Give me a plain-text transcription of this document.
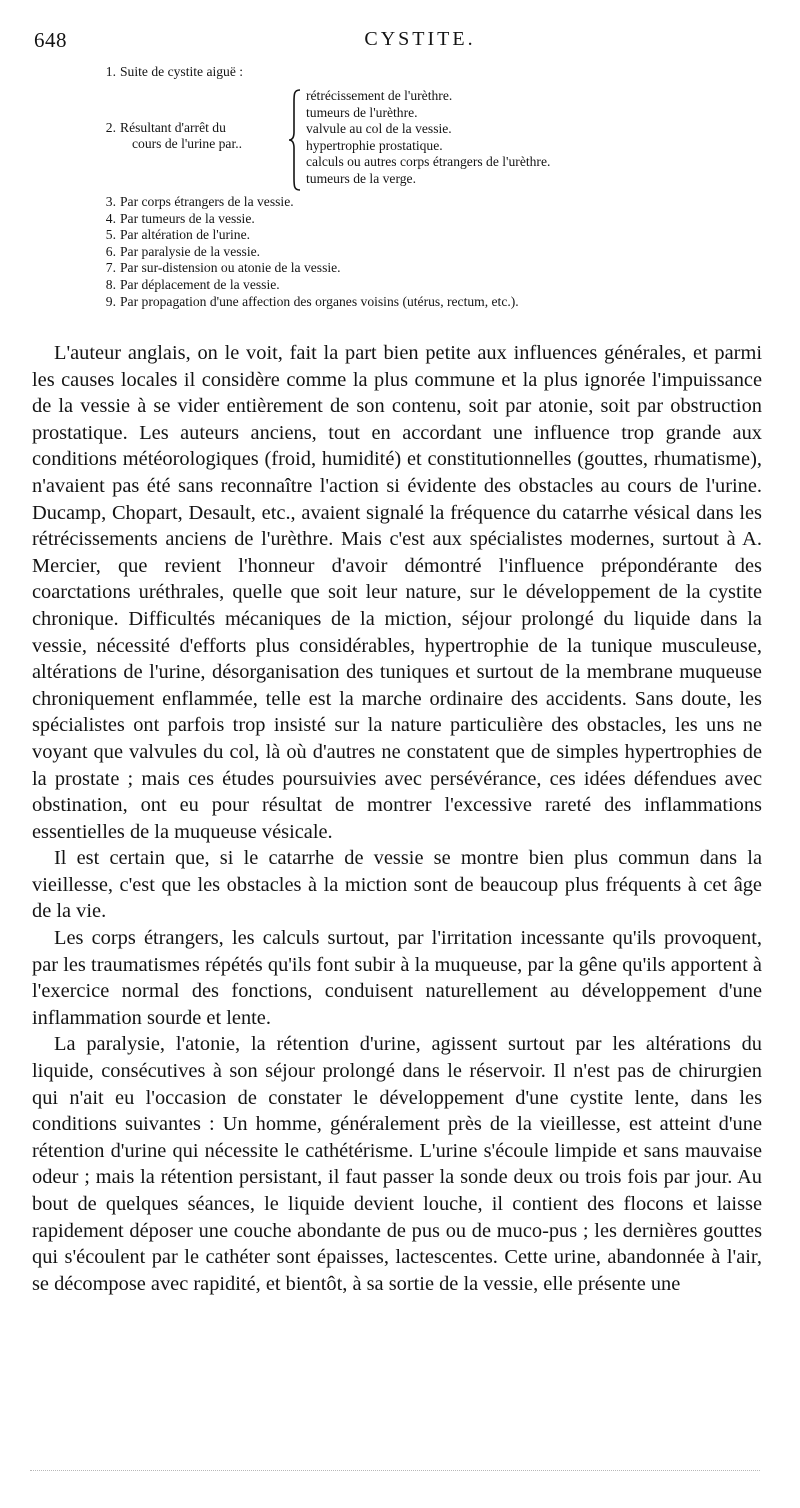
648	CYSTITE.
1. Suite de cystite aiguë :
2. Résultant d'arrêt du
cours de l'urine par..
rétrécissement de l'urèthre.
tumeurs de l'urèthre.
valvule au col de la vessie.
hypertrophie prostatique.
calculs ou autres corps étrangers de l'urèthre.
tumeurs de la verge.
3. Par corps étrangers de la vessie.
4. Par tumeurs de la vessie.
5. Par altération de l'urine.
6. Par paralysie de la vessie.
7. Par sur-distension ou atonie de la vessie.
8. Par déplacement de la vessie.
9. Par propagation d'une affection des organes voisins (utérus, rectum, etc.).

L'auteur anglais, on le voit, fait la part bien petite aux influences générales, et parmi les causes locales il considère comme la plus commune et la plus ignorée l'impuissance de la vessie à se vider entièrement de son contenu, soit par atonie, soit par obstruction prostatique. Les auteurs anciens, tout en accordant une influence trop grande aux conditions météorologiques (froid, humidité) et constitutionnelles (gouttes, rhumatisme), n'avaient pas été sans reconnaître l'action si évidente des obstacles au cours de l'urine. Ducamp, Chopart, Desault, etc., avaient signalé la fréquence du catarrhe vésical dans les rétrécissements anciens de l'urèthre. Mais c'est aux spécialistes modernes, surtout à A. Mercier, que revient l'honneur d'avoir démontré l'influence prépondérante des coarctations uréthrales, quelle que soit leur nature, sur le développement de la cystite chronique. Difficultés mécaniques de la miction, séjour prolongé du liquide dans la vessie, nécessité d'efforts plus considérables, hypertrophie de la tunique musculeuse, altérations de l'urine, désorganisation des tuniques et surtout de la membrane muqueuse chroniquement enflammée, telle est la marche ordinaire des accidents. Sans doute, les spécialistes ont parfois trop insisté sur la nature particulière des obstacles, les uns ne voyant que valvules du col, là où d'autres ne constatent que de simples hypertrophies de la prostate ; mais ces études poursuivies avec persévérance, ces idées défendues avec obstination, ont eu pour résultat de montrer l'excessive rareté des inflammations essentielles de la muqueuse vésicale.

Il est certain que, si le catarrhe de vessie se montre bien plus commun dans la vieillesse, c'est que les obstacles à la miction sont de beaucoup plus fréquents à cet âge de la vie.

Les corps étrangers, les calculs surtout, par l'irritation incessante qu'ils provoquent, par les traumatismes répétés qu'ils font subir à la muqueuse, par la gêne qu'ils apportent à l'exercice normal des fonctions, conduisent naturellement au développement d'une inflammation sourde et lente.

La paralysie, l'atonie, la rétention d'urine, agissent surtout par les altérations du liquide, consécutives à son séjour prolongé dans le réservoir. Il n'est pas de chirurgien qui n'ait eu l'occasion de constater le développement d'une cystite lente, dans les conditions suivantes : Un homme, généralement près de la vieillesse, est atteint d'une rétention d'urine qui nécessite le cathétérisme. L'urine s'écoule limpide et sans mauvaise odeur ; mais la rétention persistant, il faut passer la sonde deux ou trois fois par jour. Au bout de quelques séances, le liquide devient louche, il contient des flocons et laisse rapidement déposer une couche abondante de pus ou de muco-pus ; les dernières gouttes qui s'écoulent par le cathéter sont épaisses, lactescentes. Cette urine, abandonnée à l'air, se décompose avec rapidité, et bientôt, à sa sortie de la vessie, elle présente une
